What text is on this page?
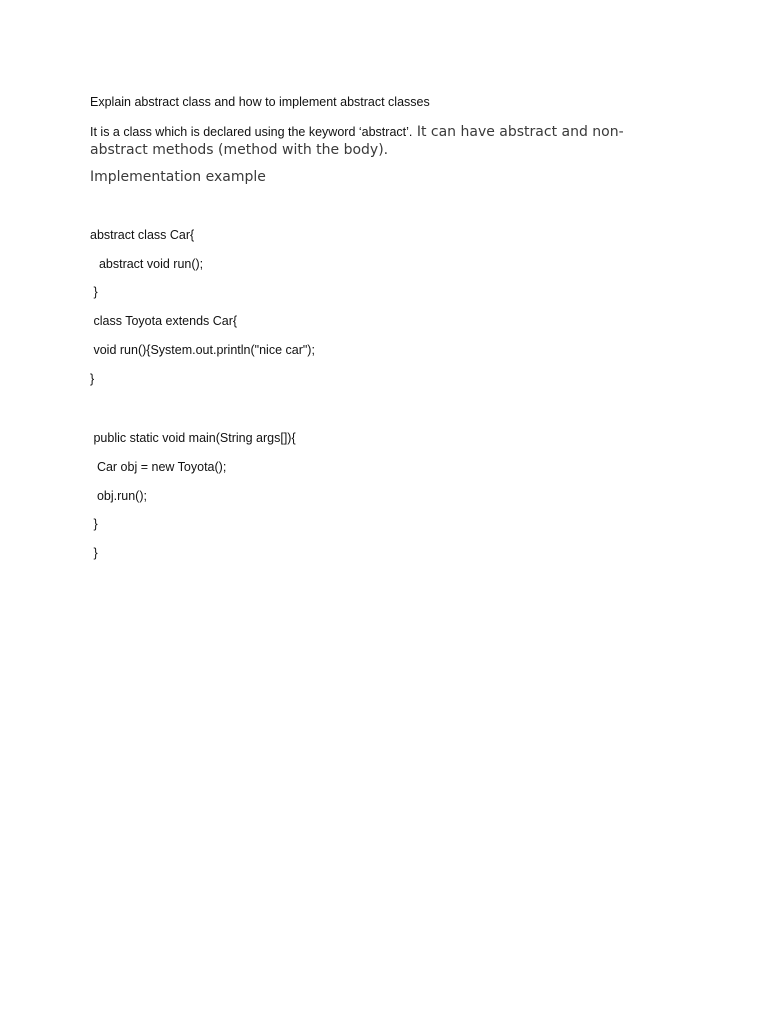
Explain abstract class and how to implement abstract classes
It is a class which is declared using the keyword ‘abstract’. It can have abstract and non-abstract methods (method with the body).
Implementation example
abstract class Car{
abstract void run();
}
class Toyota extends Car{
void run(){System.out.println("nice car");
}
public static void main(String args[]){
Car obj = new Toyota();
obj.run();
}
}
